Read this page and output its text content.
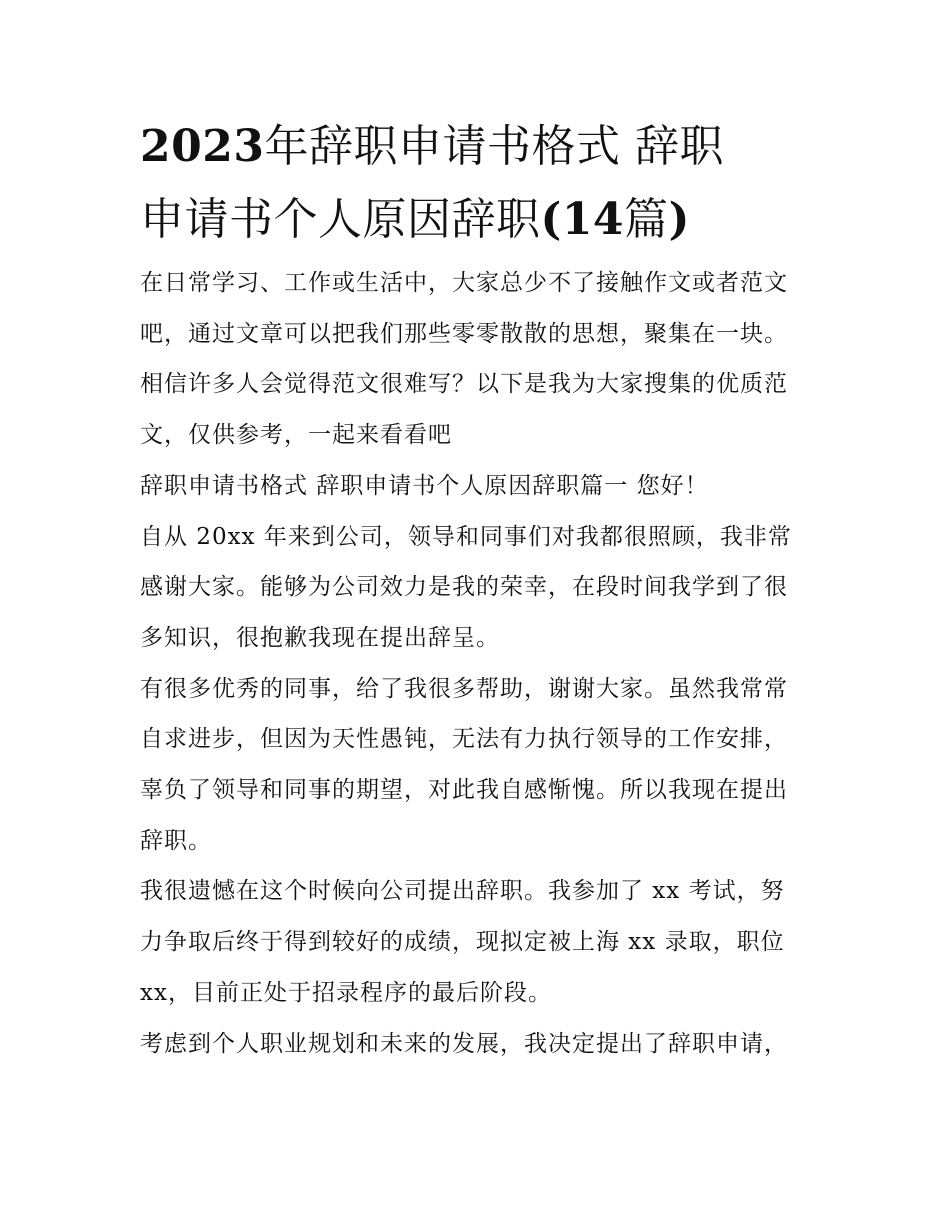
2023年辞职申请书格式 辞职
申请书个人原因辞职(14篇)

在日常学习、工作或生活中，大家总少不了接触作文或者范文
吧，通过文章可以把我们那些零零散散的思想，聚集在一块。
相信许多人会觉得范文很难写？以下是我为大家搜集的优质范
文，仅供参考，一起来看看吧

辞职申请书格式 辞职申请书个人原因辞职篇一 您好！

自从 20xx 年来到公司，领导和同事们对我都很照顾，我非常
感谢大家。能够为公司效力是我的荣幸，在段时间我学到了很
多知识，很抱歉我现在提出辞呈。

有很多优秀的同事，给了我很多帮助，谢谢大家。虽然我常常
自求进步，但因为天性愚钝，无法有力执行领导的工作安排，
辜负了领导和同事的期望，对此我自感惭愧。所以我现在提出
辞职。

我很遗憾在这个时候向公司提出辞职。我参加了 xx 考试，努
力争取后终于得到较好的成绩，现拟定被上海 xx 录取，职位
xx，目前正处于招录程序的最后阶段。

考虑到个人职业规划和未来的发展，我决定提出了辞职申请，
